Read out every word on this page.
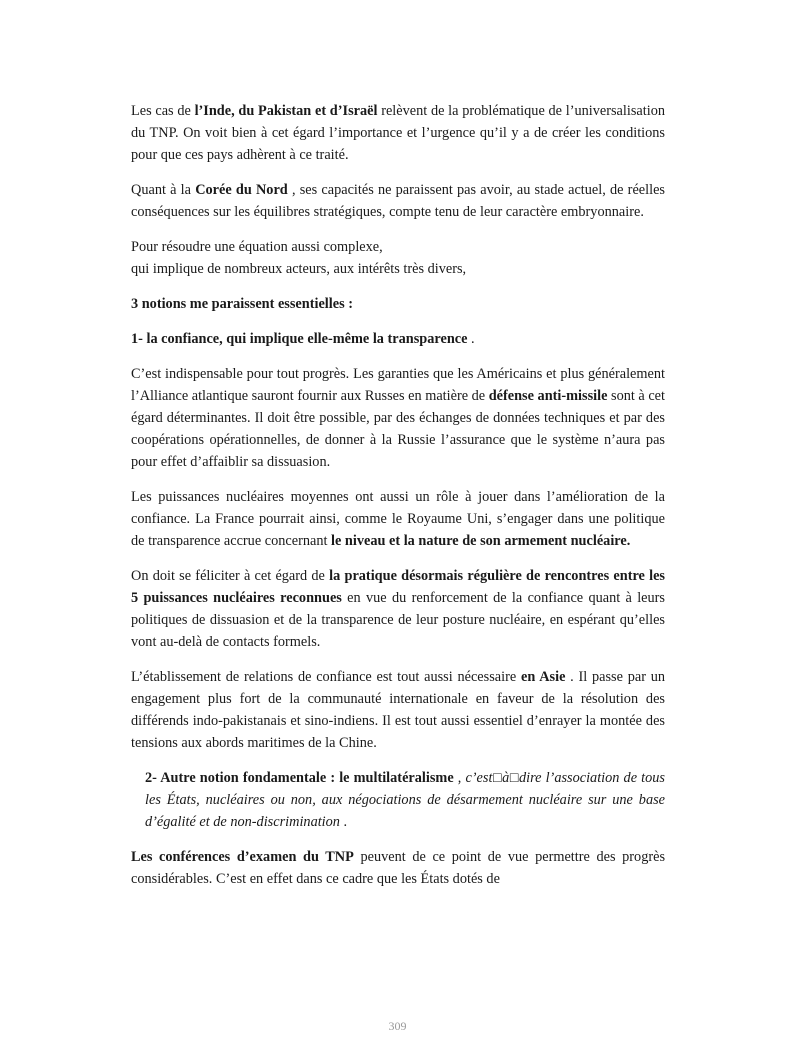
Les cas de l’Inde, du Pakistan et d’Israël relèvent de la problématique de l’universalisation du TNP. On voit bien à cet égard l’importance et l’urgence qu’il y a de créer les conditions pour que ces pays adhèrent à ce traité.

Quant à la Corée du Nord , ses capacités ne paraissent pas avoir, au stade actuel, de réelles conséquences sur les équilibres stratégiques, compte tenu de leur caractère embryonnaire.

Pour résoudre une équation aussi complexe,
qui implique de nombreux acteurs, aux intérêts très divers,

3 notions me paraissent essentielles :

1- la confiance, qui implique elle-même la transparence .

C’est indispensable pour tout progrès. Les garanties que les Américains et plus généralement l’Alliance atlantique sauront fournir aux Russes en matière de défense anti-missile sont à cet égard déterminantes. Il doit être possible, par des échanges de données techniques et par des coopérations opérationnelles, de donner à la Russie l’assurance que le système n’aura pas pour effet d’affaiblir sa dissuasion.

Les puissances nucléaires moyennes ont aussi un rôle à jouer dans l’amélioration de la confiance. La France pourrait ainsi, comme le Royaume Uni, s’engager dans une politique de transparence accrue concernant le niveau et la nature de son armement nucléaire.

On doit se féliciter à cet égard de la pratique désormais régulière de rencontres entre les 5 puissances nucléaires reconnues en vue du renforcement de la confiance quant à leurs politiques de dissuasion et de la transparence de leur posture nucléaire, en espérant qu’elles vont au-delà de contacts formels.

L’établissement de relations de confiance est tout aussi nécessaire en Asie . Il passe par un engagement plus fort de la communauté internationale en faveur de la résolution des différends indo-pakistanais et sino-indiens. Il est tout aussi essentiel d’enrayer la montée des tensions aux abords maritimes de la Chine.

2- Autre notion fondamentale : le multilatéralisme , c’est□à□dire l’association de tous les États, nucléaires ou non, aux négociations de désarmement nucléaire sur une base d’égalité et de non-discrimination .

Les conférences d’examen du TNP peuvent de ce point de vue permettre des progrès considérables. C’est en effet dans ce cadre que les États dotés de

309
